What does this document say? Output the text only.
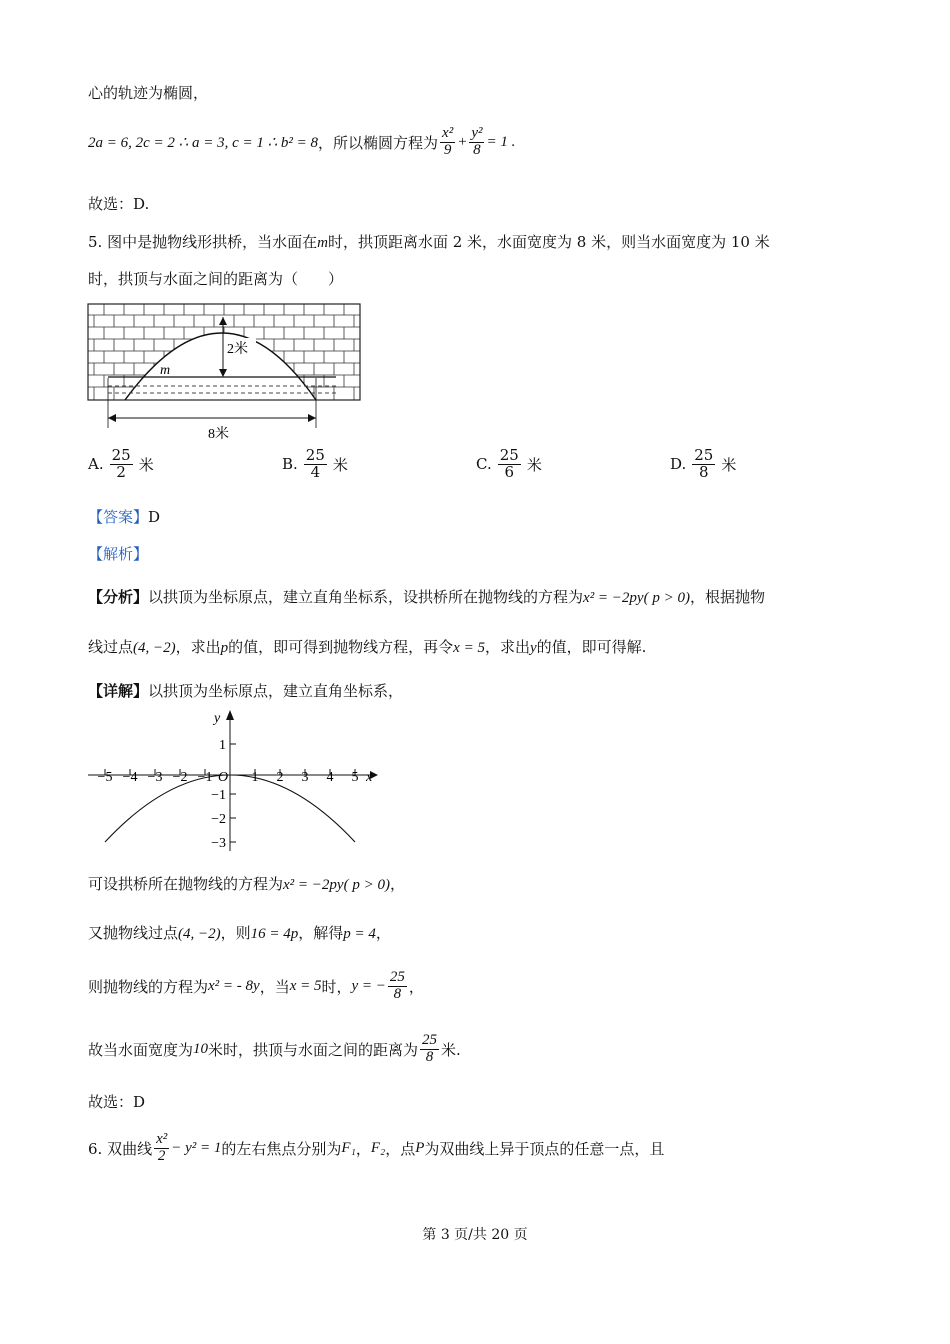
心的轨迹为椭圆，
2a = 6, 2c = 2 ∴ a = 3, c = 1 ∴ b² = 8 ，所以椭圆方程为 $\frac{\text{x²}}{9} + \frac{\text{y²}}{8} = 1$ .
故选：D.
5. 图中是抛物线形拱桥，当水面在m时，拱顶距离水面 2 米，水面宽度为 8 米，则当水面宽度为 10 米
时，拱顶与水面之间的距离为（　　）
2米
m
8米
A. $\frac{25}{2}$ 米	B. $\frac{25}{4}$ 米	C. $\frac{25}{6}$ 米	D. $\frac{25}{8}$ 米
【答案】D
【解析】
【分析】以拱顶为坐标原点，建立直角坐标系，设拱桥所在抛物线的方程为x² = −2py( p > 0)，根据抛物
线过点(4, −2)，求出p的值，即可得到抛物线方程，再令x = 5，求出y的值，即可得解.
【详解】以拱顶为坐标原点，建立直角坐标系，
−5 −4 −3 −2 −1	1 2 3 4 5
1
−1
−2
−3
O	x
y
可设拱桥所在抛物线的方程为x² = −2py( p > 0)，
又抛物线过点(4, −2)，则16 = 4p，解得p = 4，
则抛物线的方程为 x² = - 8y ，当 x = 5 时， y = − $\frac{25}{8}$ ，
故当水面宽度为 10 米时，拱顶与水面之间的距离为 $\frac{25}{8}$ 米.
故选：D
6. 双曲线 $\frac{\text{x²}}{2} - y^2 = 1$ 的左右焦点分别为 F₁ ， F₂ ，点 P 为双曲线上异于顶点的任意一点，且
第 3 页/共 20 页
